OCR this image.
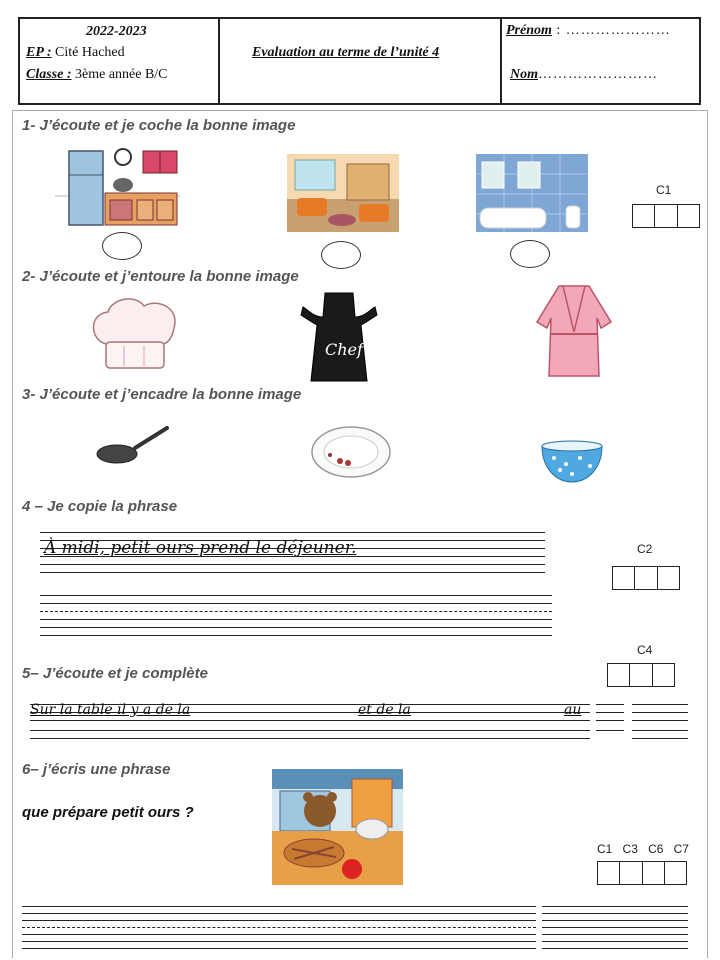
2022-2023
EP : Cité Hached
Classe : 3ème année B/C
Evaluation au terme de l’unité 4
Prénom : …………………
Nom……………………
1- J’écoute et je coche la bonne image
C1
2- J’écoute et j’entoure la bonne image
Chef
3- J’écoute et j’encadre la bonne image
4 – Je copie la phrase
À midi, petit ours prend le déjeuner.	C2
C4
5– J’écoute et je complète
Sur la table il y a de la	et de la	au
6– j’écris une phrase
que prépare petit ours ?
C1 C3 C6 C7
